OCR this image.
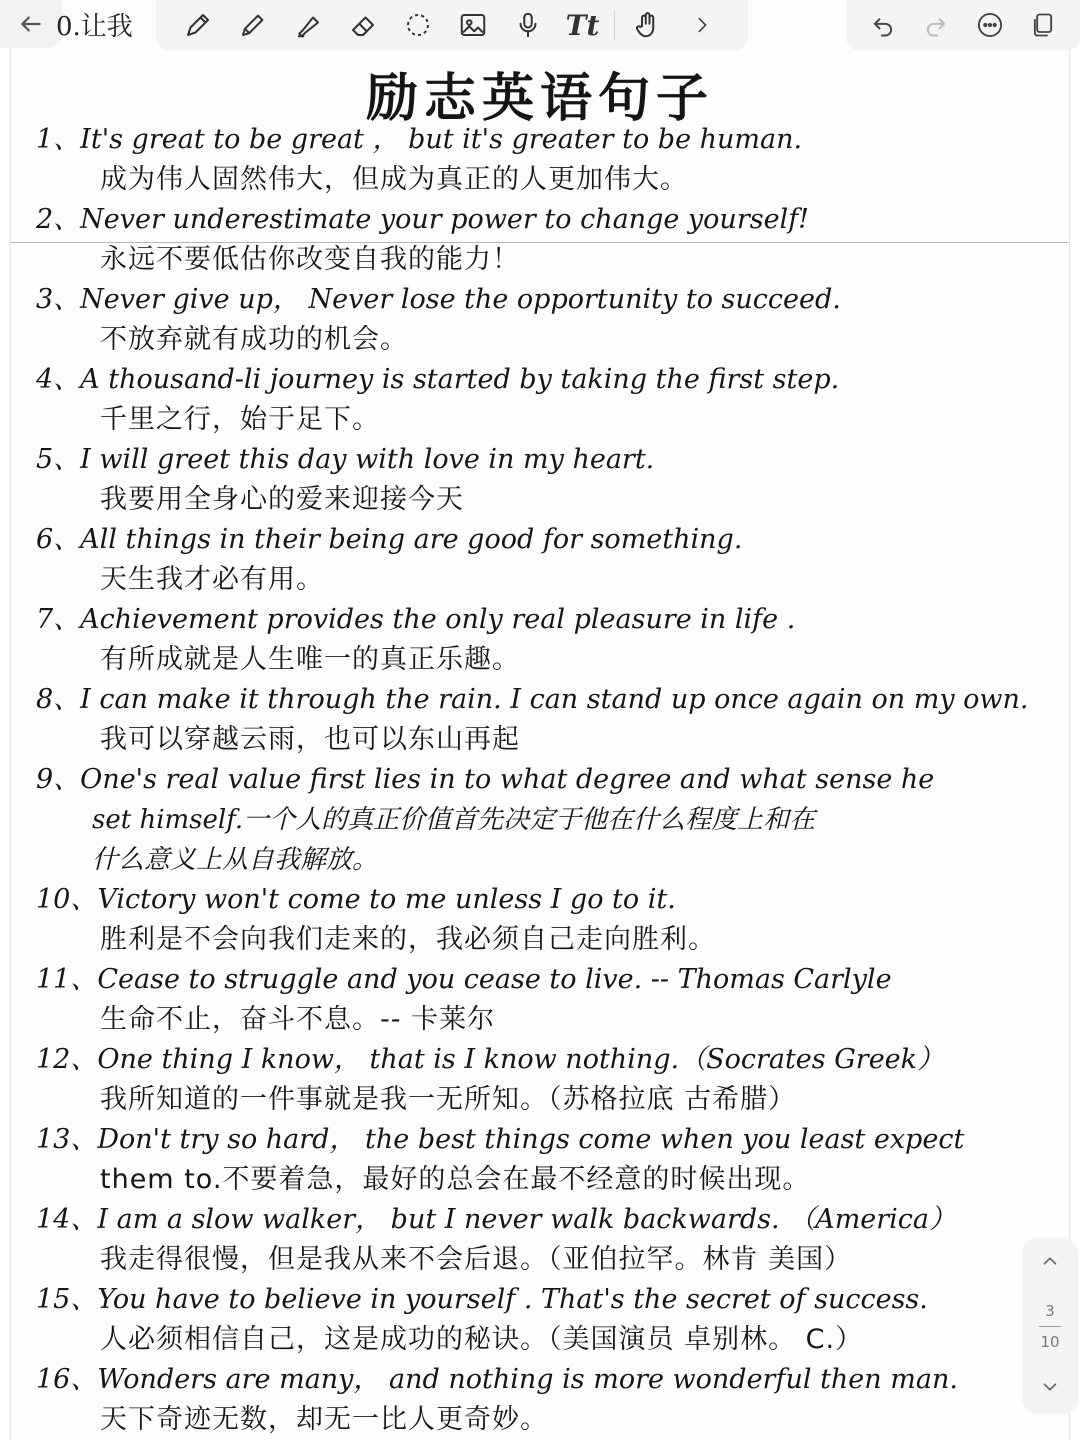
0.让我	Tt
励志英语句子
1、It's great to be great ， but it's greater to be human.
成为伟人固然伟大，但成为真正的人更加伟大。
2、Never underestimate your power to change yourself!
永远不要低估你改变自我的能力！
3、Never give up， Never lose the opportunity to succeed.
不放弃就有成功的机会。
4、A thousand-li journey is started by taking the first step.
千里之行，始于足下。
5、I will greet this day with love in my heart.
我要用全身心的爱来迎接今天
6、All things in their being are good for something.
天生我才必有用。
7、Achievement provides the only real pleasure in life .
有所成就是人生唯一的真正乐趣。
8、I can make it through the rain. I can stand up once again on my own.
我可以穿越云雨，也可以东山再起
9、One's real value first lies in to what degree and what sense he
set himself.一个人的真正价值首先决定于他在什么程度上和在
什么意义上从自我解放。
10、Victory won't come to me unless I go to it.
胜利是不会向我们走来的，我必须自己走向胜利。
11、Cease to struggle and you cease to live. -- Thomas Carlyle
生命不止，奋斗不息。-- 卡莱尔
12、One thing I know， that is I know nothing.（Socrates Greek）
我所知道的一件事就是我一无所知。（苏格拉底 古希腊）
13、Don't try so hard， the best things come when you least expect
them to.不要着急，最好的总会在最不经意的时候出现。
14、I am a slow walker， but I never walk backwards. （America）
我走得很慢，但是我从来不会后退。（亚伯拉罕。林肯 美国）
15、You have to believe in yourself . That's the secret of success.
人必须相信自己，这是成功的秘诀。（美国演员 卓别林。 C.）
16、Wonders are many， and nothing is more wonderful then man.
天下奇迹无数，却无一比人更奇妙。
3
10
